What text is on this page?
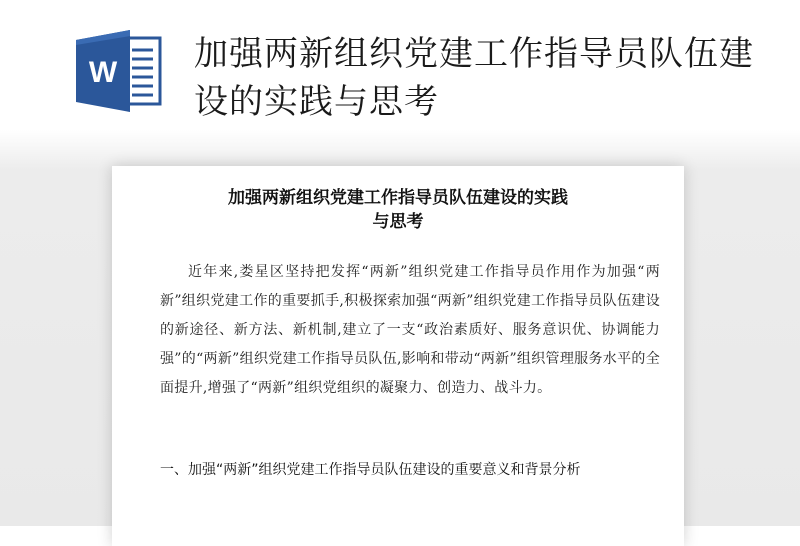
W 加强两新组织党建工作指导员队伍建设的实践与思考
加强两新组织党建工作指导员队伍建设的实践
与思考
近年来,娄星区坚持把发挥“两新”组织党建工作指导员作用作为加强“两新”组织党建工作的重要抓手,积极探索加强“两新”组织党建工作指导员队伍建设的新途径、新方法、新机制,建立了一支“政治素质好、服务意识优、协调能力强”的“两新”组织党建工作指导员队伍,影响和带动“两新”组织管理服务水平的全面提升,增强了“两新”组织党组织的凝聚力、创造力、战斗力。
一、加强“两新”组织党建工作指导员队伍建设的重要意义和背景分析
